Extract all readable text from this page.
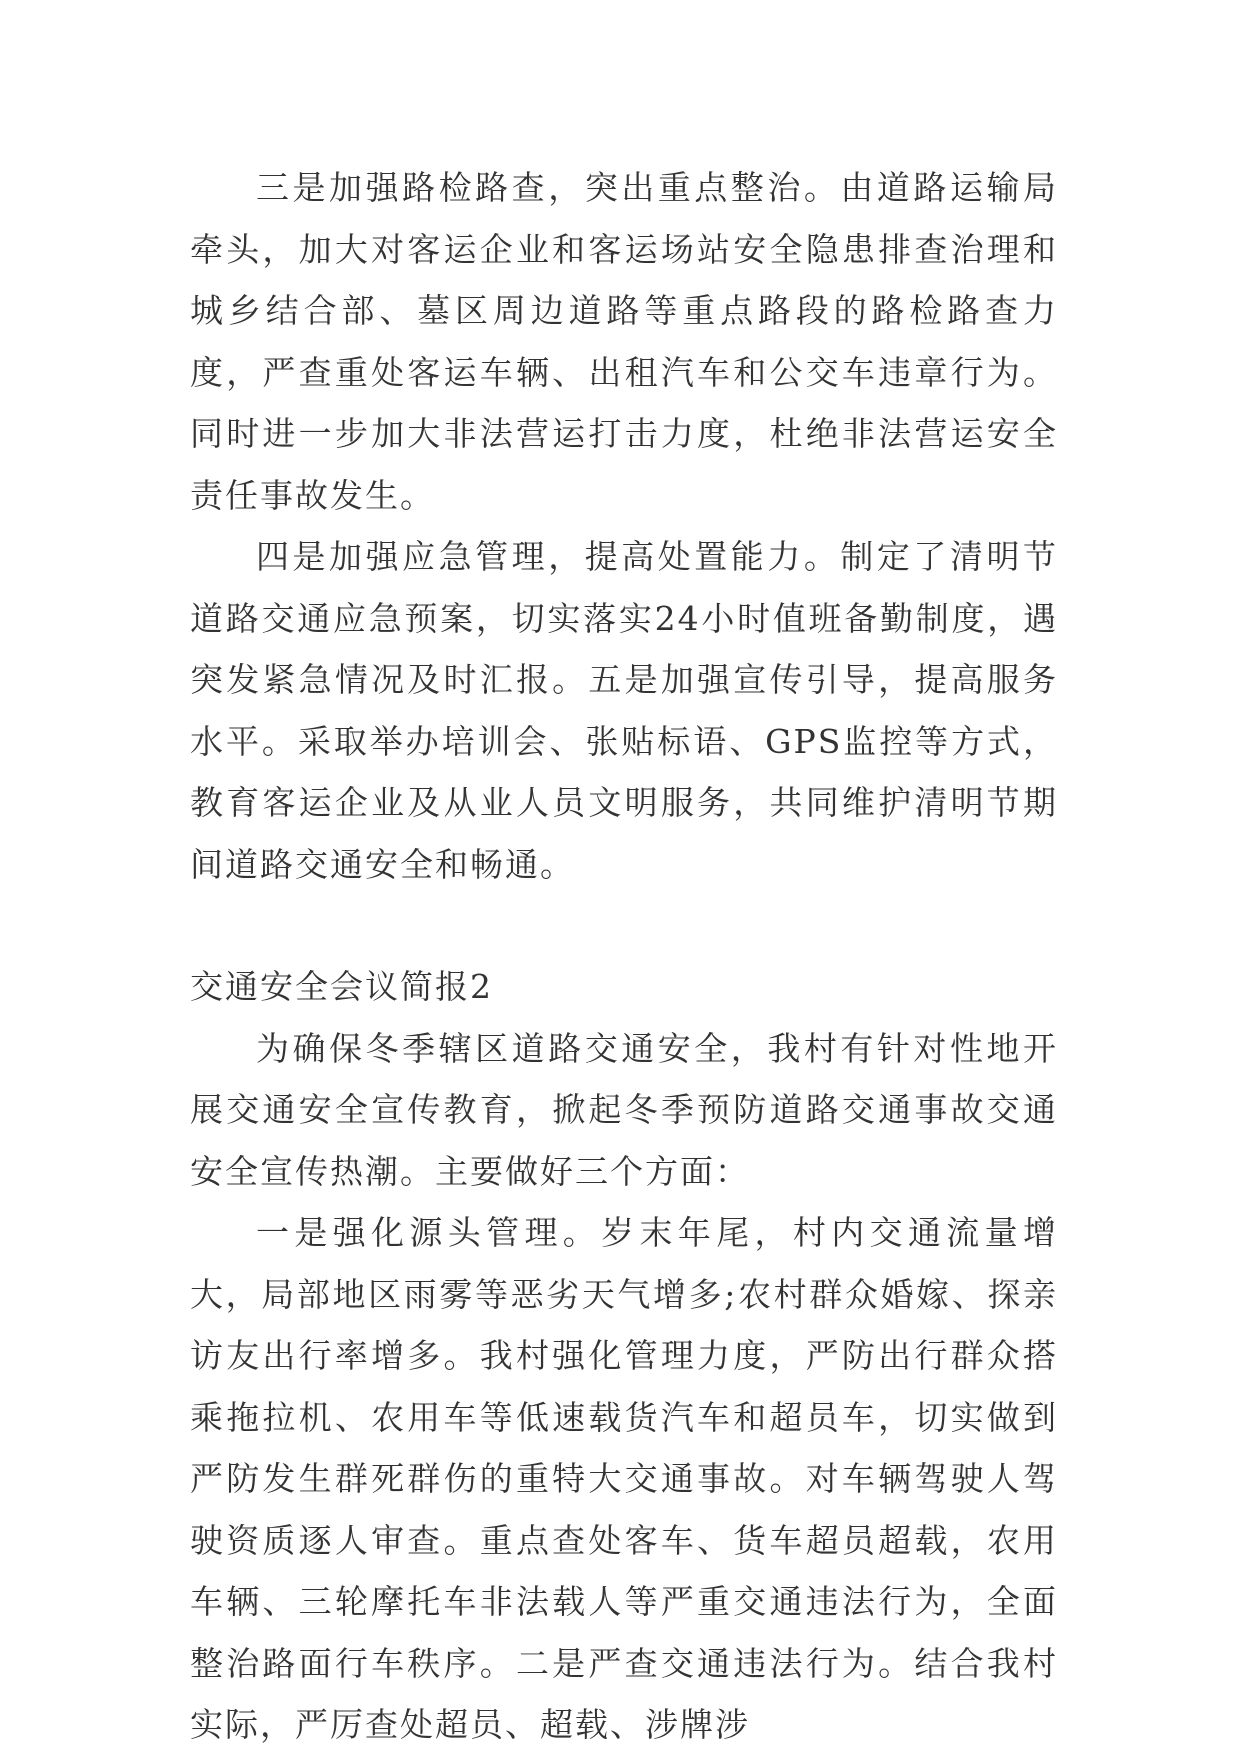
三是加强路检路查，突出重点整治。由道路运输局牵头，加大对客运企业和客运场站安全隐患排查治理和城乡结合部、墓区周边道路等重点路段的路检路查力度，严查重处客运车辆、出租汽车和公交车违章行为。同时进一步加大非法营运打击力度，杜绝非法营运安全责任事故发生。

四是加强应急管理，提高处置能力。制定了清明节道路交通应急预案，切实落实24小时值班备勤制度，遇突发紧急情况及时汇报。五是加强宣传引导，提高服务水平。采取举办培训会、张贴标语、GPS监控等方式，教育客运企业及从业人员文明服务，共同维护清明节期间道路交通安全和畅通。

交通安全会议简报2

为确保冬季辖区道路交通安全，我村有针对性地开展交通安全宣传教育，掀起冬季预防道路交通事故交通安全宣传热潮。主要做好三个方面：

一是强化源头管理。岁末年尾，村内交通流量增大，局部地区雨雾等恶劣天气增多;农村群众婚嫁、探亲访友出行率增多。我村强化管理力度，严防出行群众搭乘拖拉机、农用车等低速载货汽车和超员车，切实做到严防发生群死群伤的重特大交通事故。对车辆驾驶人驾驶资质逐人审查。重点查处客车、货车超员超载，农用车辆、三轮摩托车非法载人等严重交通违法行为，全面整治路面行车秩序。二是严查交通违法行为。结合我村实际，严厉查处超员、超载、涉牌涉
